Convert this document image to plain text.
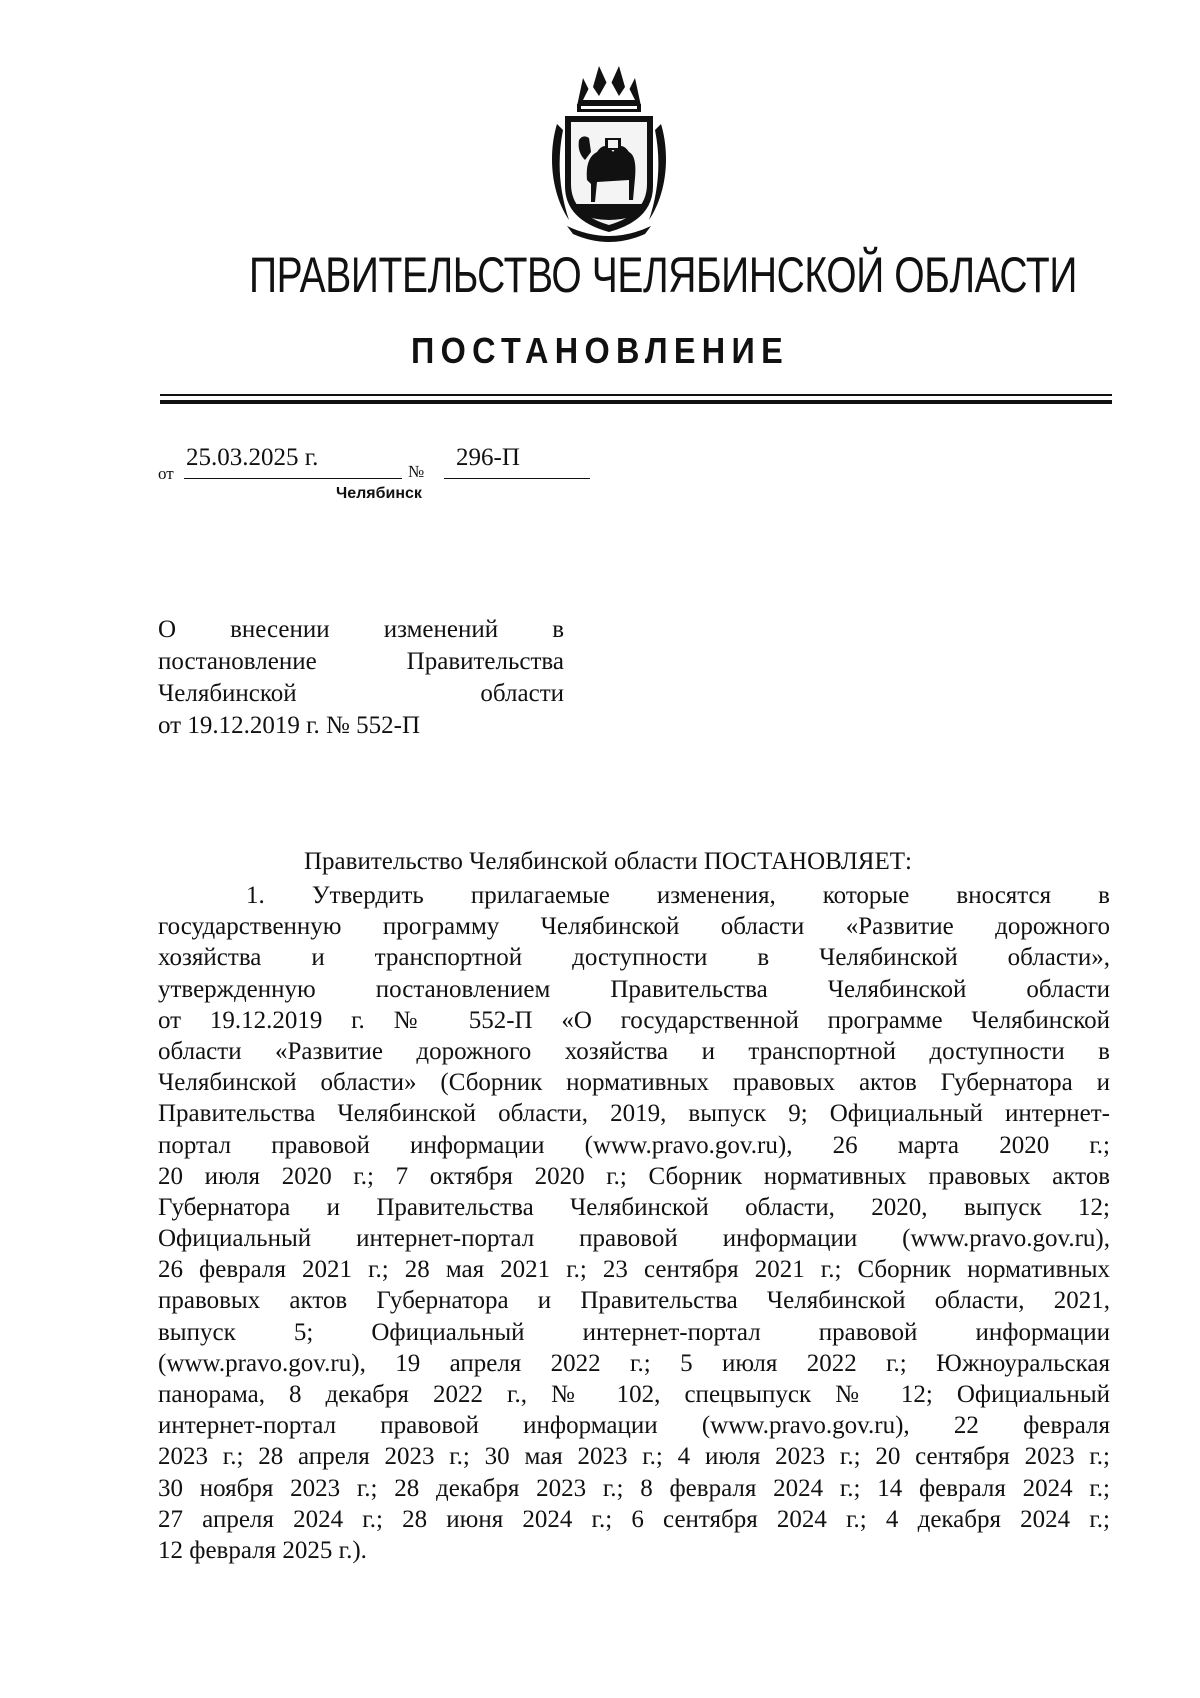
ПРАВИТЕЛЬСТВО ЧЕЛЯБИНСКОЙ ОБЛАСТИ
ПОСТАНОВЛЕНИЕ
от
25.03.2025 г.
№
296-П
Челябинск
О внесении изменений в
постановление Правительства
Челябинской области
от 19.12.2019 г. № 552-П
Правительство Челябинской области ПОСТАНОВЛЯЕТ:
1. Утвердить прилагаемые изменения, которые вносятся в
государственную программу Челябинской области «Развитие дорожного
хозяйства и транспортной доступности в Челябинской области»,
утвержденную постановлением Правительства Челябинской области
от 19.12.2019 г. № 552-П «О государственной программе Челябинской
области «Развитие дорожного хозяйства и транспортной доступности в
Челябинской области» (Сборник нормативных правовых актов Губернатора и
Правительства Челябинской области, 2019, выпуск 9; Официальный интернет-
портал правовой информации (www.pravo.gov.ru), 26 марта 2020 г.;
20 июля 2020 г.; 7 октября 2020 г.; Сборник нормативных правовых актов
Губернатора и Правительства Челябинской области, 2020, выпуск 12;
Официальный интернет-портал правовой информации (www.pravo.gov.ru),
26 февраля 2021 г.; 28 мая 2021 г.; 23 сентября 2021 г.; Сборник нормативных
правовых актов Губернатора и Правительства Челябинской области, 2021,
выпуск 5; Официальный интернет-портал правовой информации
(www.pravo.gov.ru), 19 апреля 2022 г.; 5 июля 2022 г.; Южноуральская
панорама, 8 декабря 2022 г., № 102, спецвыпуск № 12; Официальный
интернет-портал правовой информации (www.pravo.gov.ru), 22 февраля
2023 г.; 28 апреля 2023 г.; 30 мая 2023 г.; 4 июля 2023 г.; 20 сентября 2023 г.;
30 ноября 2023 г.; 28 декабря 2023 г.; 8 февраля 2024 г.; 14 февраля 2024 г.;
27 апреля 2024 г.; 28 июня 2024 г.; 6 сентября 2024 г.; 4 декабря 2024 г.;
12 февраля 2025 г.).
